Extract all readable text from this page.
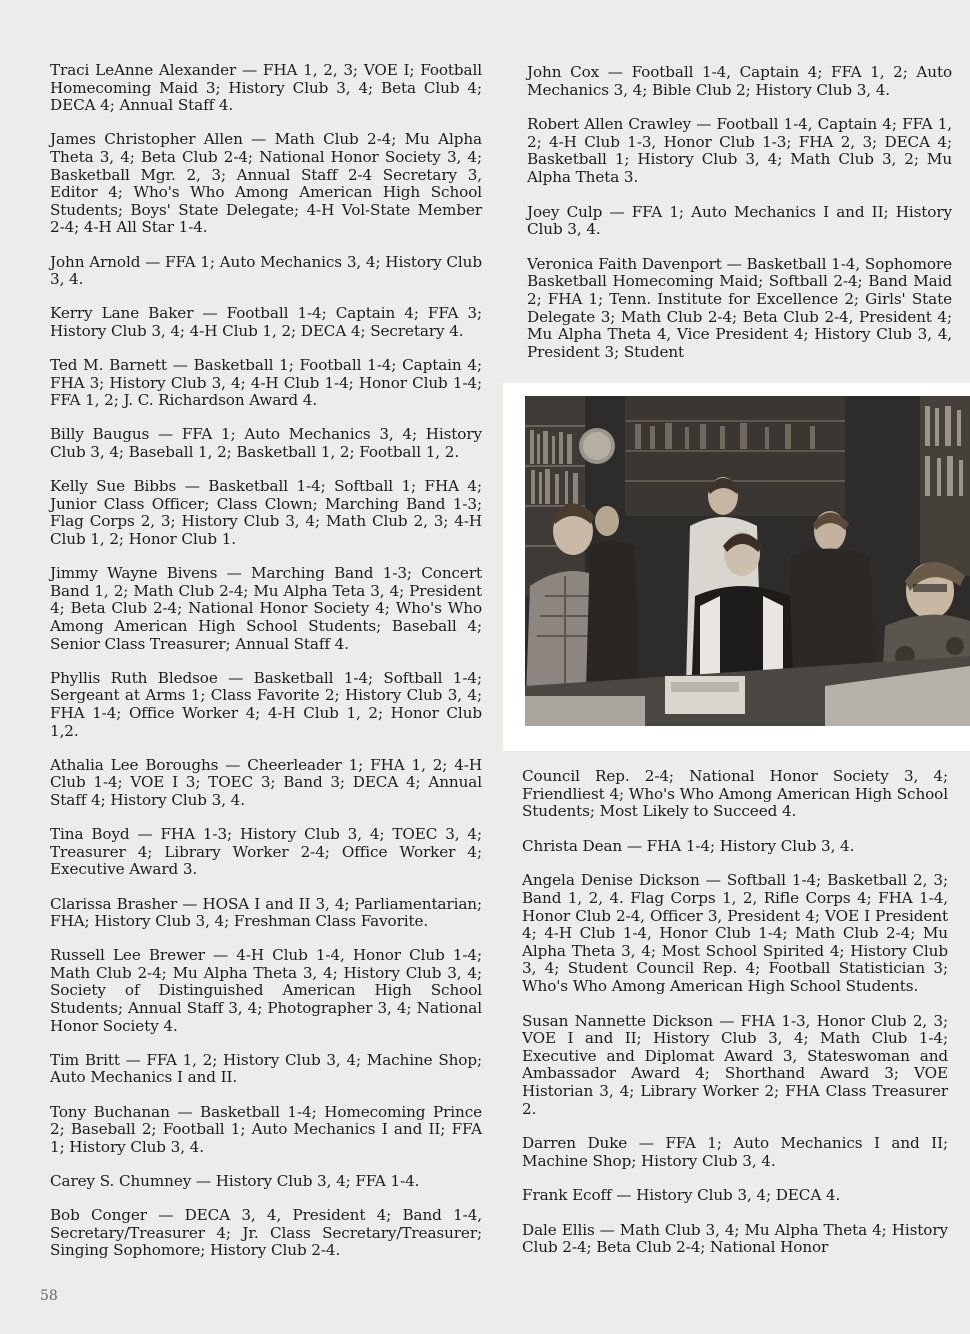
Traci LeAnne Alexander — FHA 1, 2, 3; VOE I; Football Homecoming Maid 3; History Club 3, 4; Beta Club 4; DECA 4; Annual Staff 4.

James Christopher Allen — Math Club 2-4; Mu Alpha Theta 3, 4; Beta Club 2-4; National Honor Society 3, 4; Basketball Mgr. 2, 3; Annual Staff 2-4 Secretary 3, Editor 4; Who's Who Among American High School Students; Boys' State Delegate; 4-H Vol-State Member 2-4; 4-H All Star 1-4.

John Arnold — FFA 1; Auto Mechanics 3, 4; History Club 3, 4.

Kerry Lane Baker — Football 1-4; Captain 4; FFA 3; History Club 3, 4; 4-H Club 1, 2; DECA 4; Secretary 4.

Ted M. Barnett — Basketball 1; Football 1-4; Captain 4; FHA 3; History Club 3, 4; 4-H Club 1-4; Honor Club 1-4; FFA 1, 2; J. C. Richardson Award 4.

Billy Baugus — FFA 1; Auto Mechanics 3, 4; History Club 3, 4; Baseball 1, 2; Basketball 1, 2; Football 1, 2.

Kelly Sue Bibbs — Basketball 1-4; Softball 1; FHA 4; Junior Class Officer; Class Clown; Marching Band 1-3; Flag Corps 2, 3; History Club 3, 4; Math Club 2, 3; 4-H Club 1, 2; Honor Club 1.

Jimmy Wayne Bivens — Marching Band 1-3; Concert Band 1, 2; Math Club 2-4; Mu Alpha Teta 3, 4; President 4; Beta Club 2-4; National Honor Society 4; Who's Who Among American High School Students; Baseball 4; Senior Class Treasurer; Annual Staff 4.

Phyllis Ruth Bledsoe — Basketball 1-4; Softball 1-4; Sergeant at Arms 1; Class Favorite 2; History Club 3, 4; FHA 1-4; Office Worker 4; 4-H Club 1, 2; Honor Club 1,2.

Athalia Lee Boroughs — Cheerleader 1; FHA 1, 2; 4-H Club 1-4; VOE I 3; TOEC 3; Band 3; DECA 4; Annual Staff 4; History Club 3, 4.

Tina Boyd — FHA 1-3; History Club 3, 4; TOEC 3, 4; Treasurer 4; Library Worker 2-4; Office Worker 4; Executive Award 3.

Clarissa Brasher — HOSA I and II 3, 4; Parliamentarian; FHA; History Club 3, 4; Freshman Class Favorite.

Russell Lee Brewer — 4-H Club 1-4, Honor Club 1-4; Math Club 2-4; Mu Alpha Theta 3, 4; History Club 3, 4; Society of Distinguished American High School Students; Annual Staff 3, 4; Photographer 3, 4; National Honor Society 4.

Tim Britt — FFA 1, 2; History Club 3, 4; Machine Shop; Auto Mechanics I and II.

Tony Buchanan — Basketball 1-4; Homecoming Prince 2; Baseball 2; Football 1; Auto Mechanics I and II; FFA 1; History Club 3, 4.

Carey S. Chumney — History Club 3, 4; FFA 1-4.

Bob Conger — DECA 3, 4, President 4; Band 1-4, Secretary/Treasurer 4; Jr. Class Secretary/Treasurer; Singing Sophomore; History Club 2-4.

John Cox — Football 1-4, Captain 4; FFA 1, 2; Auto Mechanics 3, 4; Bible Club 2; History Club 3, 4.

Robert Allen Crawley — Football 1-4, Captain 4; FFA 1, 2; 4-H Club 1-3, Honor Club 1-3; FHA 2, 3; DECA 4; Basketball 1; History Club 3, 4; Math Club 3, 2; Mu Alpha Theta 3.

Joey Culp — FFA 1; Auto Mechanics I and II; History Club 3, 4.

Veronica Faith Davenport — Basketball 1-4, Sophomore Basketball Homecoming Maid; Softball 2-4; Band Maid 2; FHA 1; Tenn. Institute for Excellence 2; Girls' State Delegate 3; Math Club 2-4; Beta Club 2-4, President 4; Mu Alpha Theta 4, Vice President 4; History Club 3, 4, President 3; Student

Council Rep. 2-4; National Honor Society 3, 4; Friendliest 4; Who's Who Among American High School Students; Most Likely to Succeed 4.

Christa Dean — FHA 1-4; History Club 3, 4.

Angela Denise Dickson — Softball 1-4; Basketball 2, 3; Band 1, 2, 4. Flag Corps 1, 2, Rifle Corps 4; FHA 1-4, Honor Club 2-4, Officer 3, President 4; VOE I President 4; 4-H Club 1-4, Honor Club 1-4; Math Club 2-4; Mu Alpha Theta 3, 4; Most School Spirited 4; History Club 3, 4; Student Council Rep. 4; Football Statistician 3; Who's Who Among American High School Students.

Susan Nannette Dickson — FHA 1-3, Honor Club 2, 3; VOE I and II; History Club 3, 4; Math Club 1-4; Executive and Diplomat Award 3, Stateswoman and Ambassador Award 4; Shorthand Award 3; VOE Historian 3, 4; Library Worker 2; FHA Class Treasurer 2.

Darren Duke — FFA 1; Auto Mechanics I and II; Machine Shop; History Club 3, 4.

Frank Ecoff — History Club 3, 4; DECA 4.

Dale Ellis — Math Club 3, 4; Mu Alpha Theta 4; History Club 2-4; Beta Club 2-4; National Honor

58
